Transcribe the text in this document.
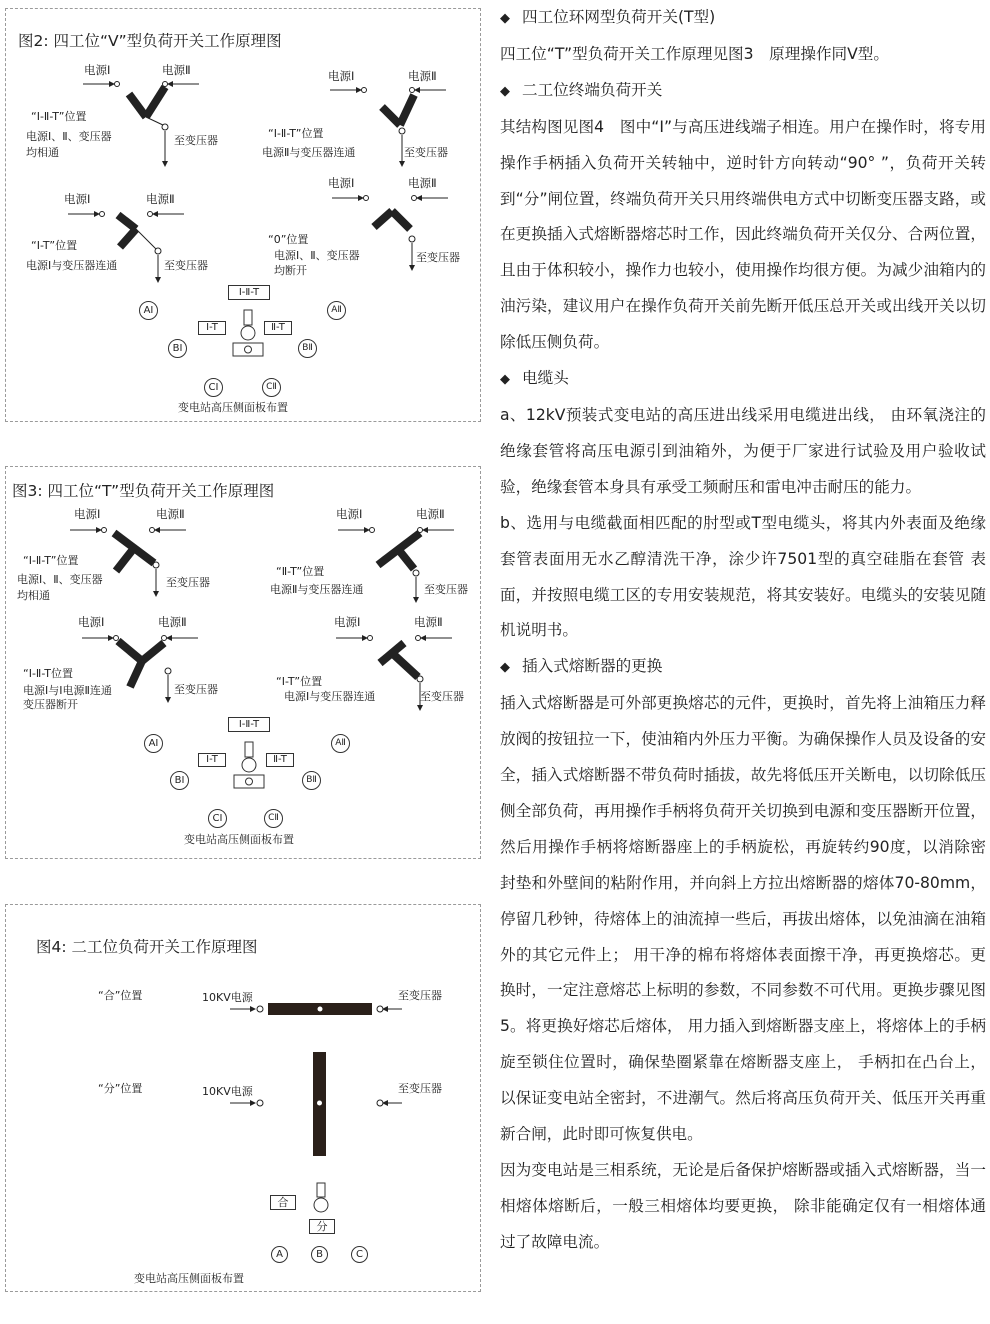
图2: 四工位“V”型负荷开关工作原理图
电源Ⅰ	电源Ⅱ
“Ⅰ-Ⅱ-T”位置
电源Ⅰ、Ⅱ、变压器
均相通
至变压器
电源Ⅰ	电源Ⅱ
“Ⅰ-Ⅱ-T”位置
电源Ⅱ与变压器连通	至变压器
电源Ⅰ	电源Ⅱ
“Ⅰ-T”位置
电源Ⅰ与变压器连通	至变压器
电源Ⅰ	电源Ⅱ
“0”位置
电源Ⅰ、Ⅱ、变压器
均断开
至变压器
Ⅰ-Ⅱ-T
Ⅰ-T	Ⅱ-T
AⅠ	AⅡ
BⅠ	BⅡ
CⅠ	CⅡ
变电站高压侧面板布置
图3: 四工位“T”型负荷开关工作原理图
电源Ⅰ	电源Ⅱ
“Ⅰ-Ⅱ-T”位置
电源Ⅰ、Ⅱ、变压器
均相通
至变压器
电源Ⅰ	电源Ⅱ
“Ⅱ-T”位置
电源Ⅱ与变压器连通	至变压器
电源Ⅰ	电源Ⅱ
“Ⅰ-Ⅱ-T位置
电源Ⅰ与Ⅰ电源Ⅱ连通
变压器断开
至变压器
电源Ⅰ	电源Ⅱ
“Ⅰ-T”位置
电源Ⅰ与变压器连通	至变压器
Ⅰ-Ⅱ-T
Ⅰ-T	Ⅱ-T
AⅠ	AⅡ
BⅠ	BⅡ
CⅠ	CⅡ
变电站高压侧面板布置
图4: 二工位负荷开关工作原理图
“合”位置	10KV电源	至变压器
“分”位置	10KV电源	至变压器
合
分
A	B	C
变电站高压侧面板布置

◆ 四工位环网型负荷开关(T型)

四工位“T”型负荷开关工作原理见图3　原理操作同V型。

◆ 二工位终端负荷开关

其结构图见图4　图中“I”与高压进线端子相连。用户在操作时，将专用操作手柄插入负荷开关转轴中，逆时针方向转动“90° ”，负荷开关转到“分”闸位置，终端负荷开关只用终端供电方式中切断变压器支路，或在更换插入式熔断器熔芯时工作，因此终端负荷开关仅分、合两位置，且由于体积较小，操作力也较小，使用操作均很方便。为减少油箱内的油污染，建议用户在操作负荷开关前先断开低压总开关或出线开关以切除低压侧负荷。

◆ 电缆头

a、12kV预装式变电站的高压进出线采用电缆进出线， 由环氧浇注的绝缘套管将高压电源引到油箱外，为便于厂家进行试验及用户验收试验，绝缘套管本身具有承受工频耐压和雷电冲击耐压的能力。

b、选用与电缆截面相匹配的肘型或T型电缆头，将其内外表面及绝缘套管表面用无水乙醇清洗干净，涂少许7501型的真空硅脂在套管 表面，并按照电缆工区的专用安装规范，将其安装好。电缆头的安装见随机说明书。

◆ 插入式熔断器的更换

插入式熔断器是可外部更换熔芯的元件，更换时，首先将上油箱压力释放阀的按钮拉一下，使油箱内外压力平衡。为确保操作人员及设备的安全，插入式熔断器不带负荷时插拔，故先将低压开关断电，以切除低压侧全部负荷，再用操作手柄将负荷开关切换到电源和变压器断开位置，然后用操作手柄将熔断器座上的手柄旋松，再旋转约90度，以消除密封垫和外壁间的粘附作用，并向斜上方拉出熔断器的熔体70-80mm，停留几秒钟，待熔体上的油流掉一些后，再拔出熔体，以免油滴在油箱外的其它元件上； 用干净的棉布将熔体表面擦干净，再更换熔芯。更换时，一定注意熔芯上标明的参数，不同参数不可代用。更换步骤见图5。将更换好熔芯后熔体， 用力插入到熔断器支座上，将熔体上的手柄旋至锁住位置时，确保垫圈紧靠在熔断器支座上， 手柄扣在凸台上，以保证变电站全密封，不进潮气。然后将高压负荷开关、低压开关再重新合闸，此时即可恢复供电。

因为变电站是三相系统，无论是后备保护熔断器或插入式熔断器，当一相熔体熔断后，一般三相熔体均要更换， 除非能确定仅有一相熔体通过了故障电流。
